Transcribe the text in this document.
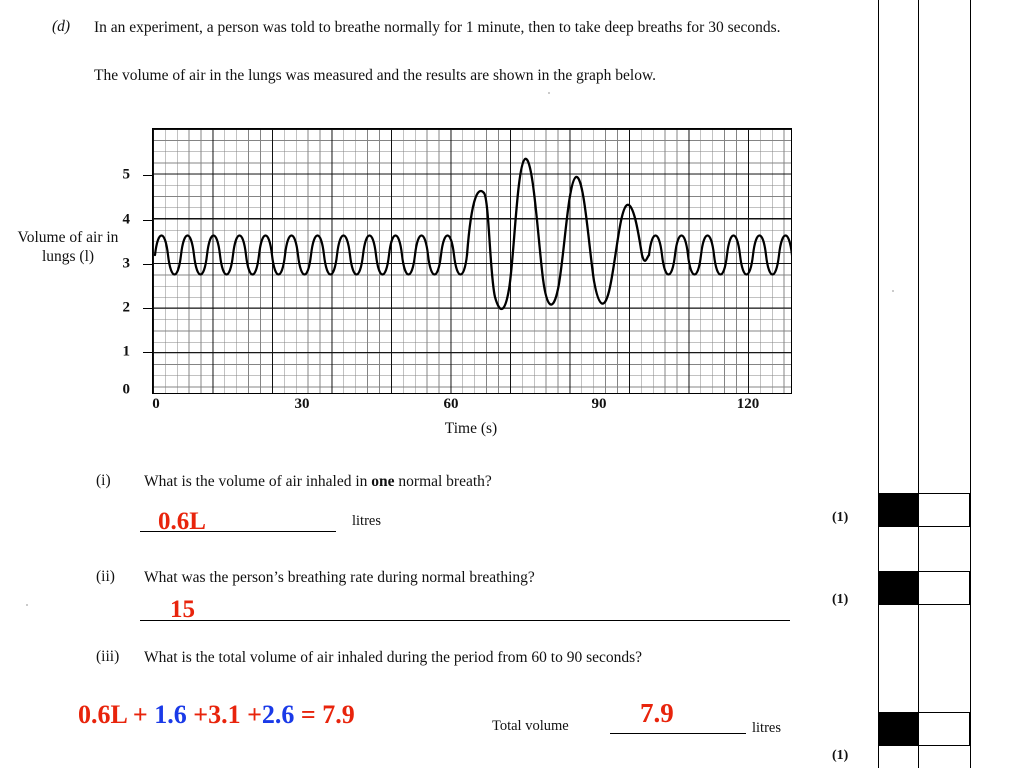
(d) In an experiment, a person was told to breathe normally for 1 minute, then to take deep breaths for 30 seconds.
The volume of air in the lungs was measured and the results are shown in the graph below.
Volume of air in lungs (l)
5
4
3
2
1
0
0	30	60	90	120
Time (s)
(i) What is the volume of air inhaled in one normal breath?
0.6L	litres
(ii) What was the person’s breathing rate during normal breathing?
15
(iii) What is the total volume of air inhaled during the period from 60 to 90 seconds?
0.6L + 1.6 +3.1 +2.6 = 7.9	Total volume	7.9	litres
(1)
(1)
(1)
